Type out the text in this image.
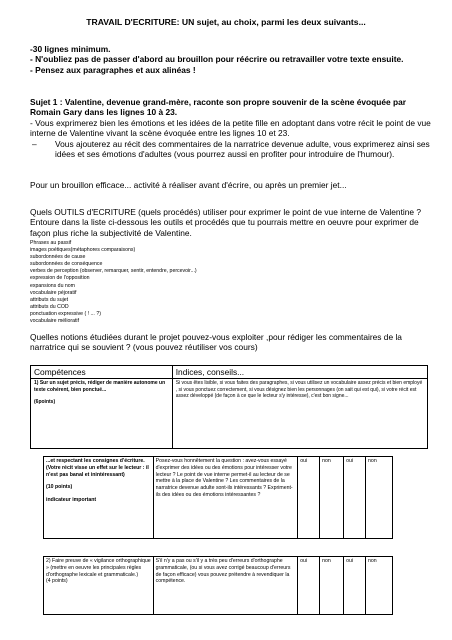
TRAVAIL D'ECRITURE: UN sujet, au choix, parmi les deux suivants...
-30 lignes minimum.
- N'oubliez pas de passer d'abord au brouillon pour réécrire ou retravailler votre texte ensuite.
- Pensez aux paragraphes et aux alinéas !
Sujet 1 : Valentine, devenue grand-mère, raconte son propre souvenir de la scène évoquée par Romain Gary dans les lignes 10 à 23.
- Vous exprimerez bien les émotions et les idées de la petite fille en adoptant dans votre récit le point de vue interne de Valentine vivant la scène évoquée entre les lignes 10 et 23.
– Vous ajouterez au récit des commentaires de la narratrice devenue adulte, vous exprimerez ainsi ses idées et ses émotions d'adultes (vous pourrez aussi en profiter pour introduire de l'humour).
Pour un brouillon efficace... activité à réaliser avant d'écrire, ou après un premier jet...
Quels OUTILS d'ECRITURE (quels procédés) utiliser pour exprimer le point de vue interne de Valentine ? Entoure dans la liste ci-dessous les outils et procédés que tu pourrais mettre en oeuvre pour exprimer de façon plus riche la subjectivité de Valentine.
Phrases au passif
images poétiques(métaphores comparaisons)
subordonnées de cause
subordonnées de conséquence
verbes de perception (observer, remarquer, sentir, entendre, percevoir...)
expression de l'opposition
expansions du nom
vocabulaire péjoratif
attributs du sujet
attributs du COD
ponctuation expressive ( ! ... ?)
vocabulaire mélioratif
Quelles notions étudiées durant le projet pouvez-vous exploiter ,pour rédiger les commentaires de la narratrice qui se souvient ? (vous pouvez réutiliser vos cours)
Compétences	Indices, conseils...

1) Sur un sujet précis, rédiger de manière autonome un texte cohérent, bien ponctué...
(6points)	Si vous êtes lisible, si vous faites des paragraphes, si vous utilisez un vocabulaire assez précis et bien employé , si vous ponctuez correctement, si vous désignez bien les personnages (on sait qui est qui), si votre récit est assez développé (de façon à ce que le lecteur s'y intéresse), c'est bon signe...
...et respectant les consignes d'écriture.
(Votre récit visse un effet sur le lecteur : il n'est pas banal et inintéressant)
(10 points)
indicateur important
	Posez-vous honnêtement la question : avez-vous essayé d'exprimer des idées ou des émotions pour intéresser votre lecteur ? Le point de vue interne permet-il au lecteur de se mettre à la place de Valentine ? Les commentaires de la narratrice devenue adulte sont-ils intéressants ? Expriment-ils des idées ou des émotions intéressantes ?	oui	non	oui	non
2) Faire preuve de « vigilance orthographique » (mettre en oeuvre les principales règles d'orthographe lexicale et grammaticale.)
(4 points)
	S'il n'y a pas ou s'il y a très peu d'erreurs d'orthographe grammaticale, (ou si vous avez corrigé beaucoup d'erreurs de façon efficace) vous pouvez prétendre à revendiquer la compétence.	oui	non	oui	non
